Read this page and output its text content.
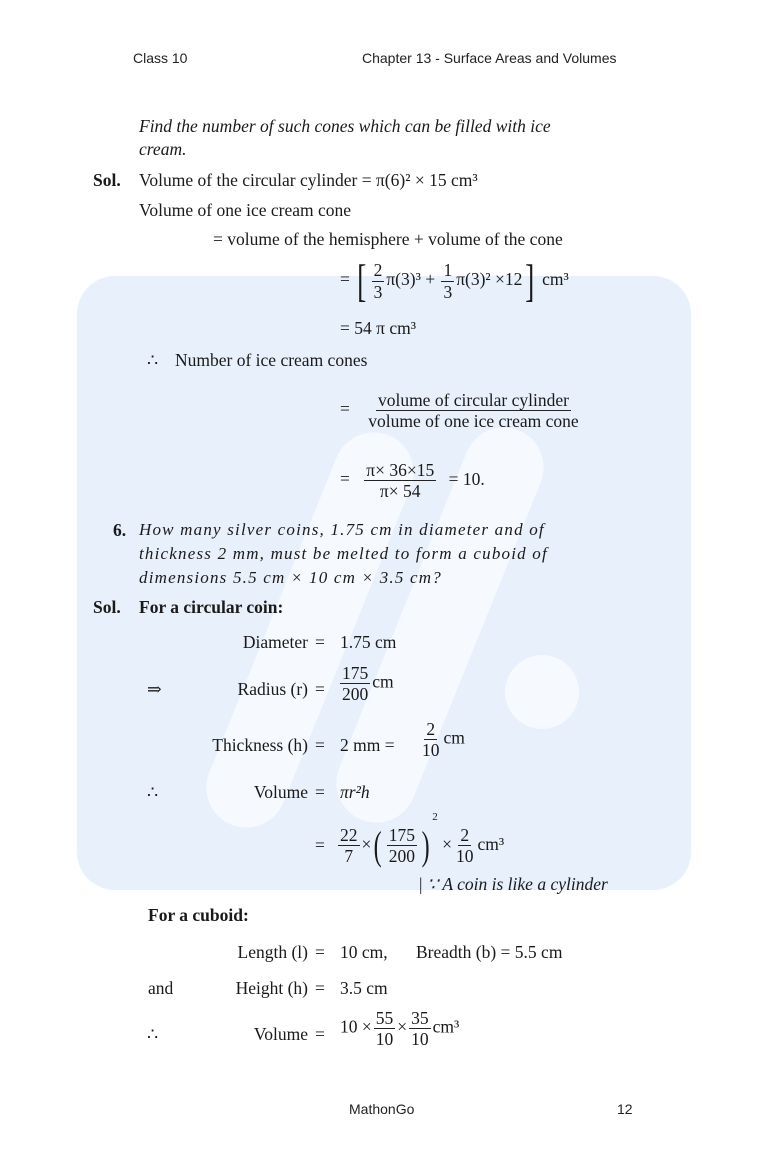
Class 10	Chapter 13 - Surface Areas and Volumes
Find the number of such cones which can be filled with ice
cream.
Sol. Volume of the circular cylinder = π(6)² × 15 cm³
Volume of one ice cream cone
= volume of the hemisphere + volume of the cone
= [ $\frac{2}{3} \pi(3)^3 + \frac{1}{3} \pi(3)^2 \times 12$] cm³
= 54 π cm³
∴ Number of ice cream cones
= $\frac{\text{volume of circular cylinder}}{\text{volume of one ice cream cone}}$
= $\frac{\pi\times 36\times 15}{\pi\times 54} = 10$.
6. How many silver coins, 1.75 cm in diameter and of
thickness 2 mm, must be melted to form a cuboid of
dimensions 5.5 cm × 10 cm × 3.5 cm?
Sol. For a circular coin:
Diameter = 1.75 cm
⇒	Radius $(r) = \frac{175}{200}$ cm
Thickness (h) = 2 mm = $\frac{2}{10}$ cm
∴	Volume = πr²h
= $\frac{22}{7}$ ×( $\frac{175}{200} )^2 \times \frac{2}{10} cm^3$
| ∵ A coin is like a cylinder
For a cuboid:
Length (l) = 10 cm, Breadth (b) = 5.5 cm
and	Height (h) = 3.5 cm
∴	Volume = $10 \times \frac{55}{10} \times \frac{35}{10} cm^3$
MathonGo	12
